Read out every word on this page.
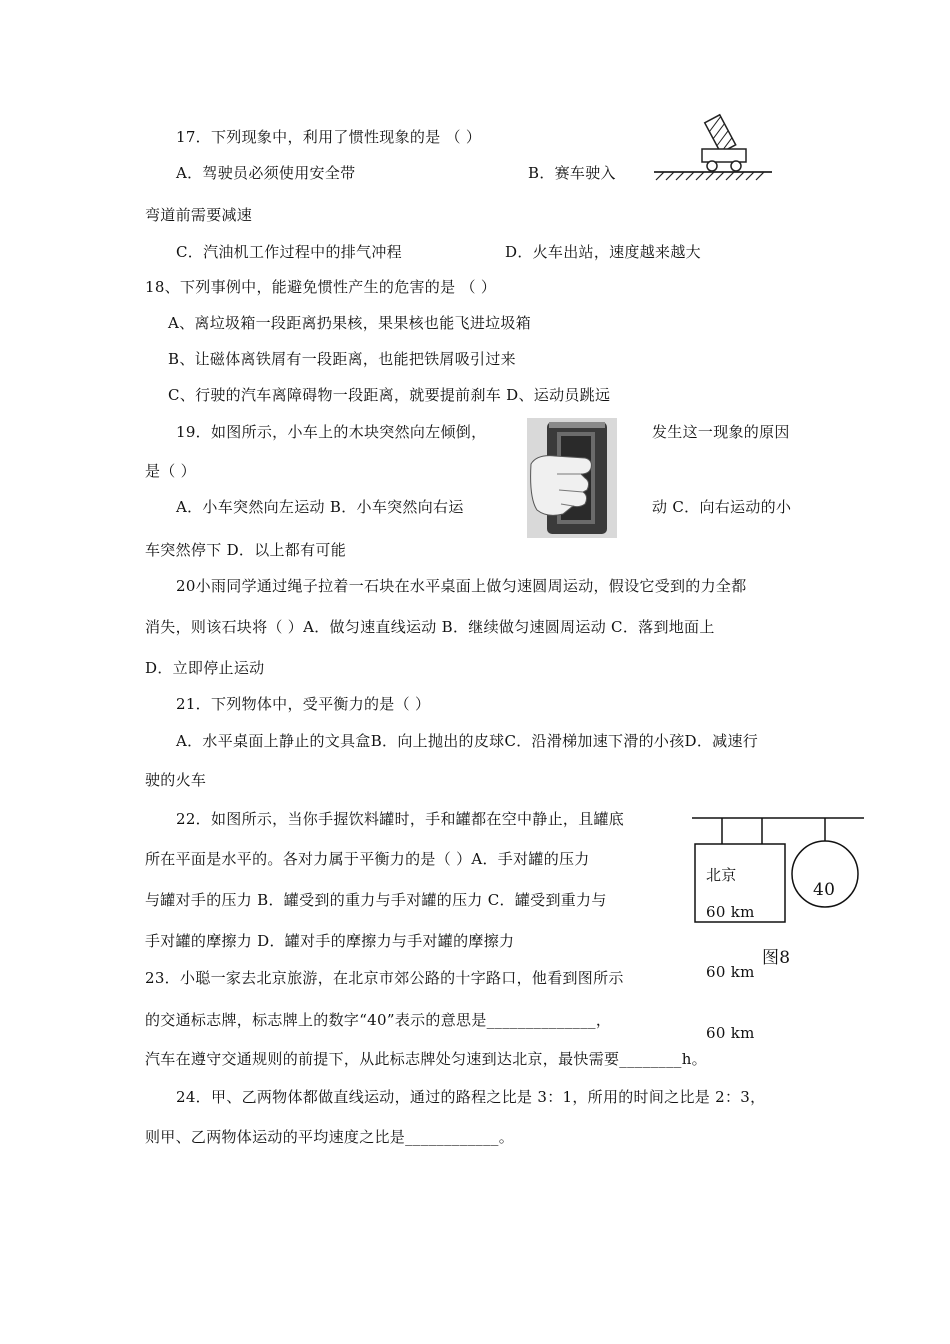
17．下列现象中，利用了惯性现象的是 （ ）
A．驾驶员必须使用安全带	B．赛车驶入
弯道前需要减速
C．汽油机工作过程中的排气冲程	D．火车出站，速度越来越大
18、下列事例中，能避免惯性产生的危害的是 （ ）
A、离垃圾箱一段距离扔果核，果果核也能飞进垃圾箱
B、让磁体离铁屑有一段距离，也能把铁屑吸引过来
C、行驶的汽车离障碍物一段距离，就要提前刹车 D、运动员跳远
19．如图所示，小车上的木块突然向左倾倒，	发生这一现象的原因
是（ ）
A．小车突然向左运动 B．小车突然向右运	动 C．向右运动的小
车突然停下 D．以上都有可能
20小雨同学通过绳子拉着一石块在水平桌面上做匀速圆周运动，假设它受到的力全都
消失，则该石块将（ ）A．做匀速直线运动 B．继续做匀速圆周运动 C．落到地面上
D．立即停止运动
21．下列物体中，受平衡力的是（ ）
A．水平桌面上静止的文具盒B．向上抛出的皮球C．沿滑梯加速下滑的小孩D．减速行
驶的火车
22．如图所示，当你手握饮料罐时，手和罐都在空中静止，且罐底
所在平面是水平的。各对力属于平衡力的是（ ）A．手对罐的压力
与罐对手的压力 B．罐受到的重力与手对罐的压力 C．罐受到重力与
手对罐的摩擦力 D．罐对手的摩擦力与手对罐的摩擦力
北京
60 km
40
图8
60 km
60 km
23．小聪一家去北京旅游，在北京市郊公路的十字路口，他看到图所示
的交通标志牌，标志牌上的数字“40”表示的意思是______________，
汽车在遵守交通规则的前提下，从此标志牌处匀速到达北京，最快需要________h。
24．甲、乙两物体都做直线运动，通过的路程之比是 3：1，所用的时间之比是 2：3，
则甲、乙两物体运动的平均速度之比是____________。
